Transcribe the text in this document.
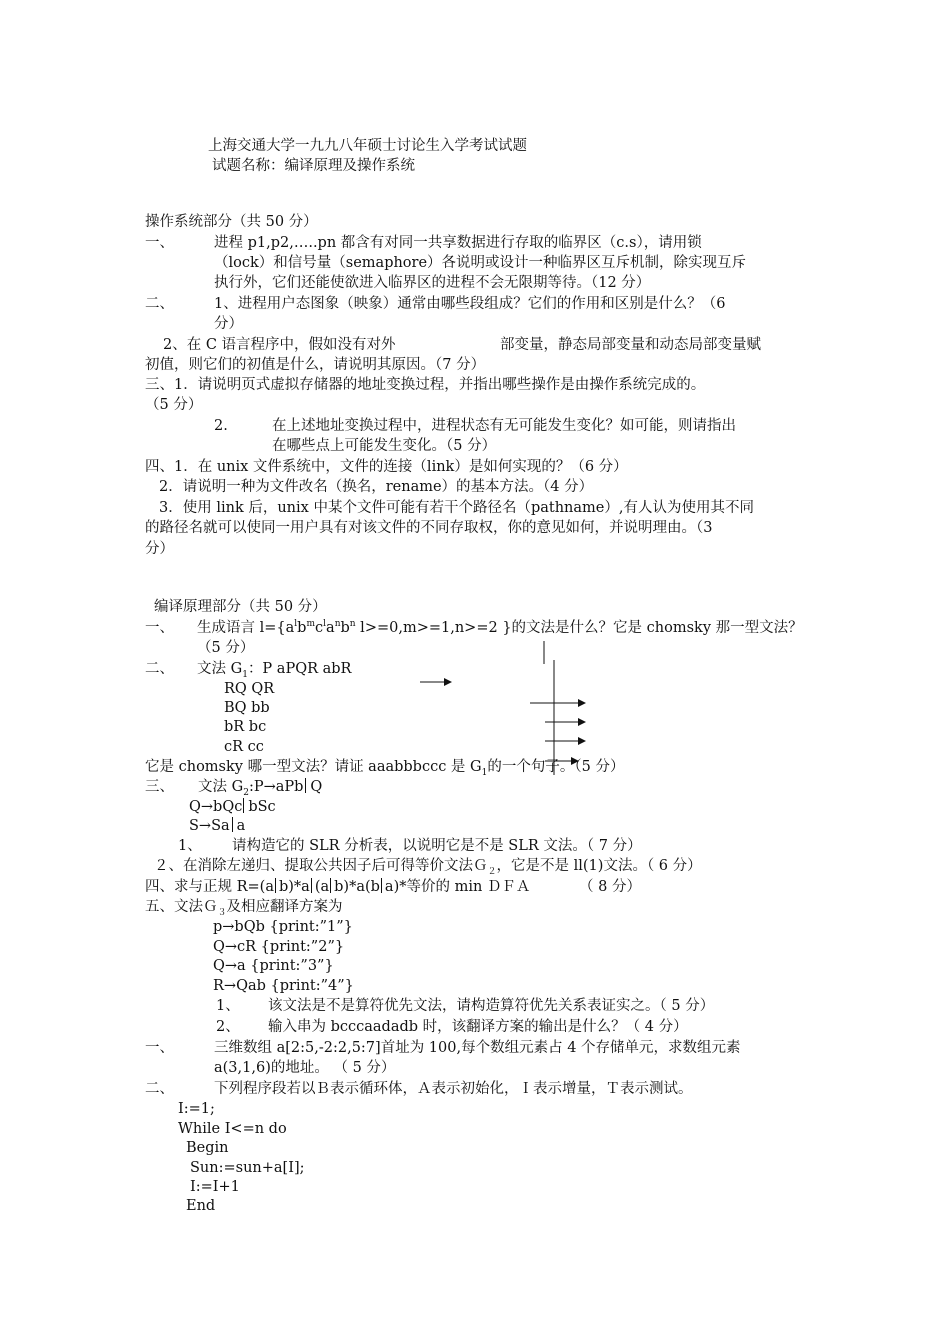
上海交通大学一九九八年硕士讨论生入学考试试题
试题名称：编译原理及操作系统
操作系统部分（共 50 分）
一、	进程 p1,p2,…..pn 都含有对同一共享数据进行存取的临界区（c.s），请用锁
（lock）和信号量（semaphore）各说明或设计一种临界区互斥机制，除实现互斥
执行外，它们还能使欲进入临界区的进程不会无限期等待。（12 分）
二、	1、进程用户态图象（映象）通常由哪些段组成？它们的作用和区别是什么？（6
分）
2、在 C 语言程序中，假如没有对外	部变量，静态局部变量和动态局部变量赋
初值，则它们的初值是什么，请说明其原因。（7 分）
三、1．请说明页式虚拟存储器的地址变换过程，并指出哪些操作是由操作系统完成的。
（5 分）
2.	在上述地址变换过程中，进程状态有无可能发生变化？如可能，则请指出
在哪些点上可能发生变化。（5 分）
四、1．在 unix 文件系统中，文件的连接（link）是如何实现的？（6 分）
2．请说明一种为文件改名（换名，rename）的基本方法。（4 分）
3．使用 link 后，unix 中某个文件可能有若干个路径名（pathname）,有人认为使用其不同
的路径名就可以使同一用户具有对该文件的不同存取权，你的意见如何，并说明理由。（3
分）
编译原理部分（共 50 分）
一、 生成语言 $l=\{a^lb^mc^la^nb^n$ l>=0,m>=1,n>=2 }的文法是什么？它是 chomsky 那一型文法？
（5 分）
二、 文法 $G_1$：P aPQR abR
RQ QR
BQ bb
bR bc
cR cc
它是 chomsky 哪一型文法？请证 aaabbbccc 是 $G_1$的一个句子。（5 分）
三、 文法 $G_2:P\to aPb$ Q
Q→bQc bSc
S→Sa a
1、 请构造它的 SLR 分析表，以说明它是不是 SLR 文法。（ 7 分）
２、在消除左递归、提取公共因子后可得等价文法Ｇ$_2$，它是不是 ll(1)文法。（ 6 分）
四、求与正规 R=(a b)*a (a b)*a(b a)*等价的 min ＤＦＡ	（ 8 分）
五、文法Ｇ$_3$及相应翻译方案为
p→bQb {print:”1”}
Q→cR {print:”2”}
Q→a {print:”3”}
R→Qab {print:”4”}
1、 该文法是不是算符优先文法，请构造算符优先关系表证实之。（ 5 分）
2、 输入串为 bcccaadadb 时，该翻译方案的输出是什么？（ 4 分）
一、	三维数组 a[2:5,-2:2,5:7]首址为 100,每个数组元素占 4 个存储单元，求数组元素
a(3,1,6)的地址。 （ 5 分）
二、	下列程序段若以Ｂ表示循环体，Ａ表示初始化，Ｉ表示增量，Ｔ表示测试。
I:=1;
While I<=n do
Begin
Sun:=sun+a[I];
I:=I+1
End
